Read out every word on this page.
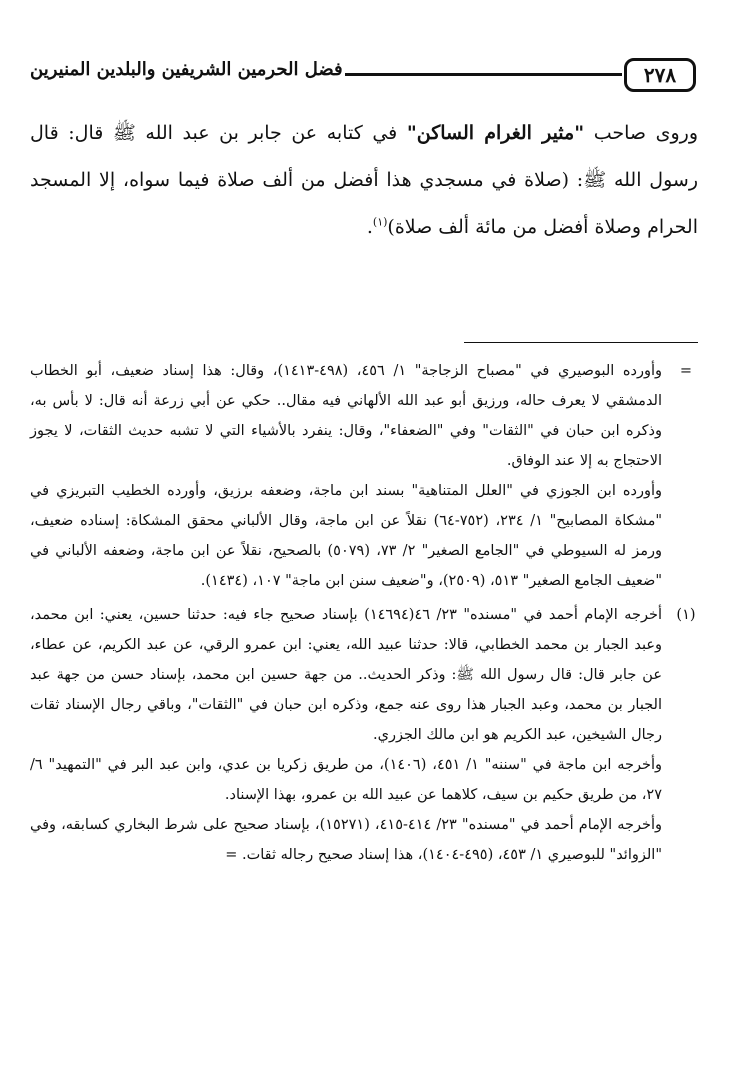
٢٧٨
فضل الحرمين الشريفين والبلدين المنيرين

وروى صاحب "مثير الغرام الساكن" في كتابه عن جابر بن عبد الله ﷺ قال: قال رسول الله ﷺ: (صلاة في مسجدي هذا أفضل من ألف صلاة فيما سواه، إلا المسجد الحرام وصلاة أفضل من مائة ألف صلاة)$^{(١)}$.

=

وأورده البوصيري في "مصباح الزجاجة" ١/ ٤٥٦، (٤٩٨-١٤١٣)، وقال: هذا إسناد ضعيف، أبو الخطاب الدمشقي لا يعرف حاله، ورزيق أبو عبد الله الألهاني فيه مقال.. حكي عن أبي زرعة أنه قال: لا بأس به، وذكره ابن حبان في "الثقات" وفي "الضعفاء"، وقال: ينفرد بالأشياء التي لا تشبه حديث الثقات، لا يجوز الاحتجاج به إلا عند الوفاق.

وأورده ابن الجوزي في "العلل المتناهية" بسند ابن ماجة، وضعفه برزيق، وأورده الخطيب التبريزي في "مشكاة المصابيح" ١/ ٢٣٤، (٧٥٢-٦٤) نقلاً عن ابن ماجة، وقال الألباني محقق المشكاة: إسناده ضعيف، ورمز له السيوطي في "الجامع الصغير" ٢/ ٧٣، (٥٠٧٩) بالصحيح، نقلاً عن ابن ماجة، وضعفه الألباني في "ضعيف الجامع الصغير" ٥١٣، (٢٥٠٩)، و"ضعيف سنن ابن ماجة" ١٠٧، (١٤٣٤).

(١)

أخرجه الإمام أحمد في "مسنده" ٢٣/ ٤٦(١٤٦٩٤) بإسناد صحيح جاء فيه: حدثنا حسين، يعني: ابن محمد، وعبد الجبار بن محمد الخطابي، قالا: حدثنا عبيد الله، يعني: ابن عمرو الرقي، عن عبد الكريم، عن عطاء، عن جابر قال: قال رسول الله ﷺ: وذكر الحديث.. من جهة حسين ابن محمد، بإسناد حسن من جهة عبد الجبار بن محمد، وعبد الجبار هذا روى عنه جمع، وذكره ابن حبان في "الثقات"، وباقي رجال الإسناد ثقات رجال الشيخين، عبد الكريم هو ابن مالك الجزري.

وأخرجه ابن ماجة في "سننه" ١/ ٤٥١، (١٤٠٦)، من طريق زكريا بن عدي، وابن عبد البر في "التمهيد" ٦/ ٢٧، من طريق حكيم بن سيف، كلاهما عن عبيد الله بن عمرو، بهذا الإسناد.

وأخرجه الإمام أحمد في "مسنده" ٢٣/ ٤١٤-٤١٥، (١٥٢٧١)، بإسناد صحيح على شرط البخاري كسابقه، وفي "الزوائد" للبوصيري ١/ ٤٥٣، (٤٩٥-١٤٠٤)، هذا إسناد صحيح رجاله ثقات. =
